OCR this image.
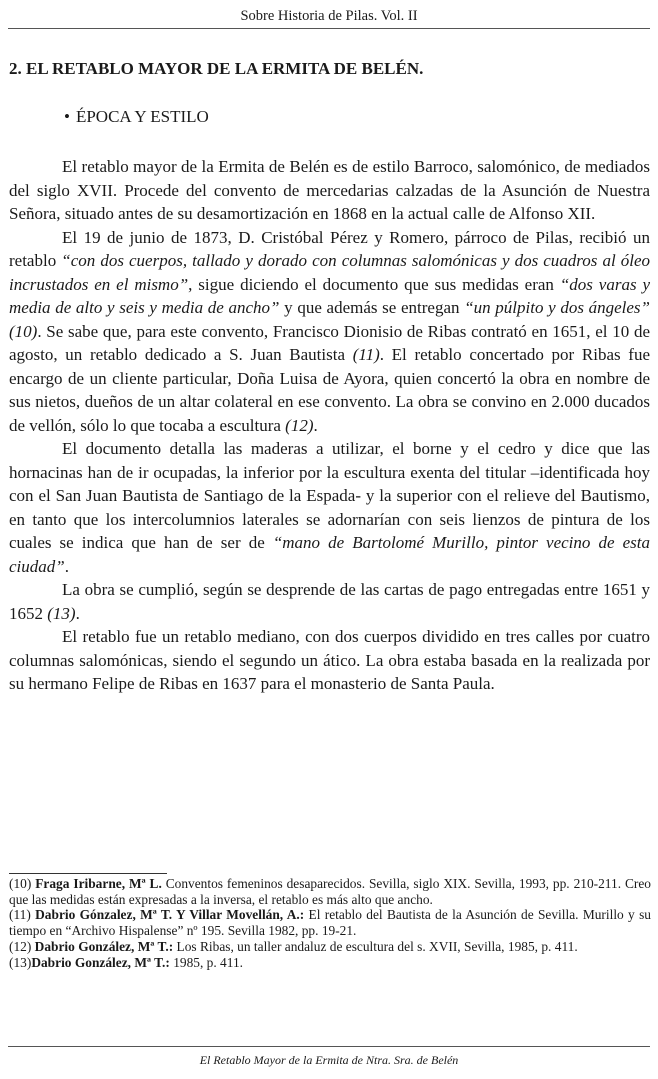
Sobre Historia de Pilas. Vol. II
2. EL RETABLO MAYOR DE LA ERMITA DE BELÉN.
• ÉPOCA Y ESTILO

El retablo mayor de la Ermita de Belén es de estilo Barroco, salomónico, de mediados del siglo XVII. Procede del convento de mercedarias calzadas de la Asunción de Nuestra Señora, situado antes de su desamortización en 1868 en la actual calle de Alfonso XII.

El 19 de junio de 1873, D. Cristóbal Pérez y Romero, párroco de Pilas, recibió un retablo “con dos cuerpos, tallado y dorado con columnas salomónicas y dos cuadros al óleo incrustados en el mismo”, sigue diciendo el documento que sus medidas eran “dos varas y media de alto y seis y media de ancho” y que además se entregan “un púlpito y dos ángeles” (10). Se sabe que, para este convento, Francisco Dionisio de Ribas contrató en 1651, el 10 de agosto, un retablo dedicado a S. Juan Bautista (11). El retablo concertado por Ribas fue encargo de un cliente particular, Doña Luisa de Ayora, quien concertó la obra en nombre de sus nietos, dueños de un altar colateral en ese convento. La obra se convino en 2.000 ducados de vellón, sólo lo que tocaba a escultura (12).

El documento detalla las maderas a utilizar, el borne y el cedro y dice que las hornacinas han de ir ocupadas, la inferior por la escultura exenta del titular –identificada hoy con el San Juan Bautista de Santiago de la Espada- y la superior con el relieve del Bautismo, en tanto que los intercolumnios laterales se adornarían con seis lienzos de pintura de los cuales se indica que han de ser de “mano de Bartolomé Murillo, pintor vecino de esta ciudad”.

La obra se cumplió, según se desprende de las cartas de pago entregadas entre 1651 y 1652 (13).

El retablo fue un retablo mediano, con dos cuerpos dividido en tres calles por cuatro columnas salomónicas, siendo el segundo un ático. La obra estaba basada en la realizada por su hermano Felipe de Ribas en 1637 para el monasterio de Santa Paula.

(10) Fraga Iribarne, Mª L. Conventos femeninos desaparecidos. Sevilla, siglo XIX. Sevilla, 1993, pp. 210-211. Creo que las medidas están expresadas a la inversa, el retablo es más alto que ancho.

(11) Dabrio Gónzalez, Mª T. Y Villar Movellán, A.: El retablo del Bautista de la Asunción de Sevilla. Murillo y su tiempo en “Archivo Hispalense” nº 195. Sevilla 1982, pp. 19-21.

(12) Dabrio González, Mª T.: Los Ribas, un taller andaluz de escultura del s. XVII, Sevilla, 1985, p. 411.

(13)Dabrio González, Mª T.: 1985, p. 411.

El Retablo Mayor de la Ermita de Ntra. Sra. de Belén
